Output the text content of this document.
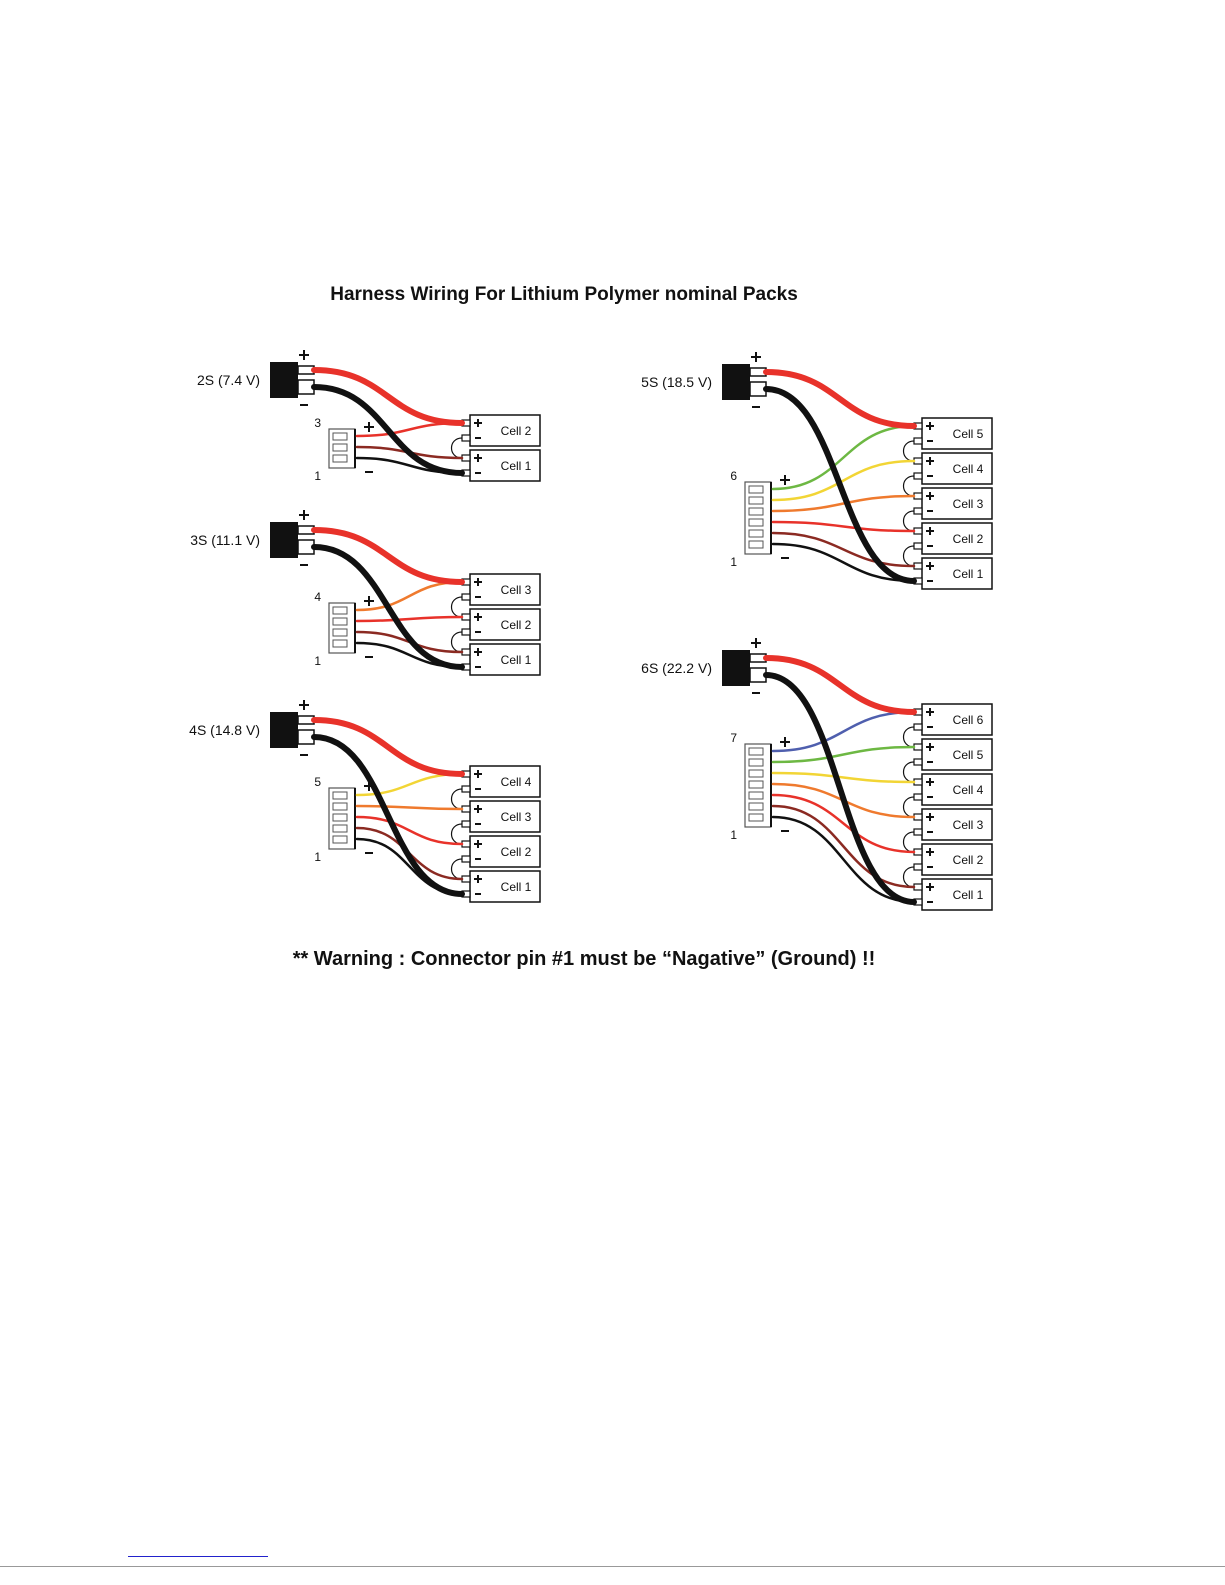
Harness Wiring For Lithium Polymer nominal Packs
2S (7.4 V)
Cell 2
Cell 1
3
1
3S (11.1 V)
Cell 3
Cell 2
Cell 1
4
1
4S (14.8 V)
Cell 4
Cell 3
Cell 2
Cell 1
5
1
5S (18.5 V)
Cell 5
Cell 4
Cell 3
Cell 2
Cell 1
6
1
6S (22.2 V)
Cell 6
Cell 5
Cell 4
Cell 3
Cell 2
Cell 1
7
1
** Warning : Connector pin #1 must be “Nagative” (Ground) !!
